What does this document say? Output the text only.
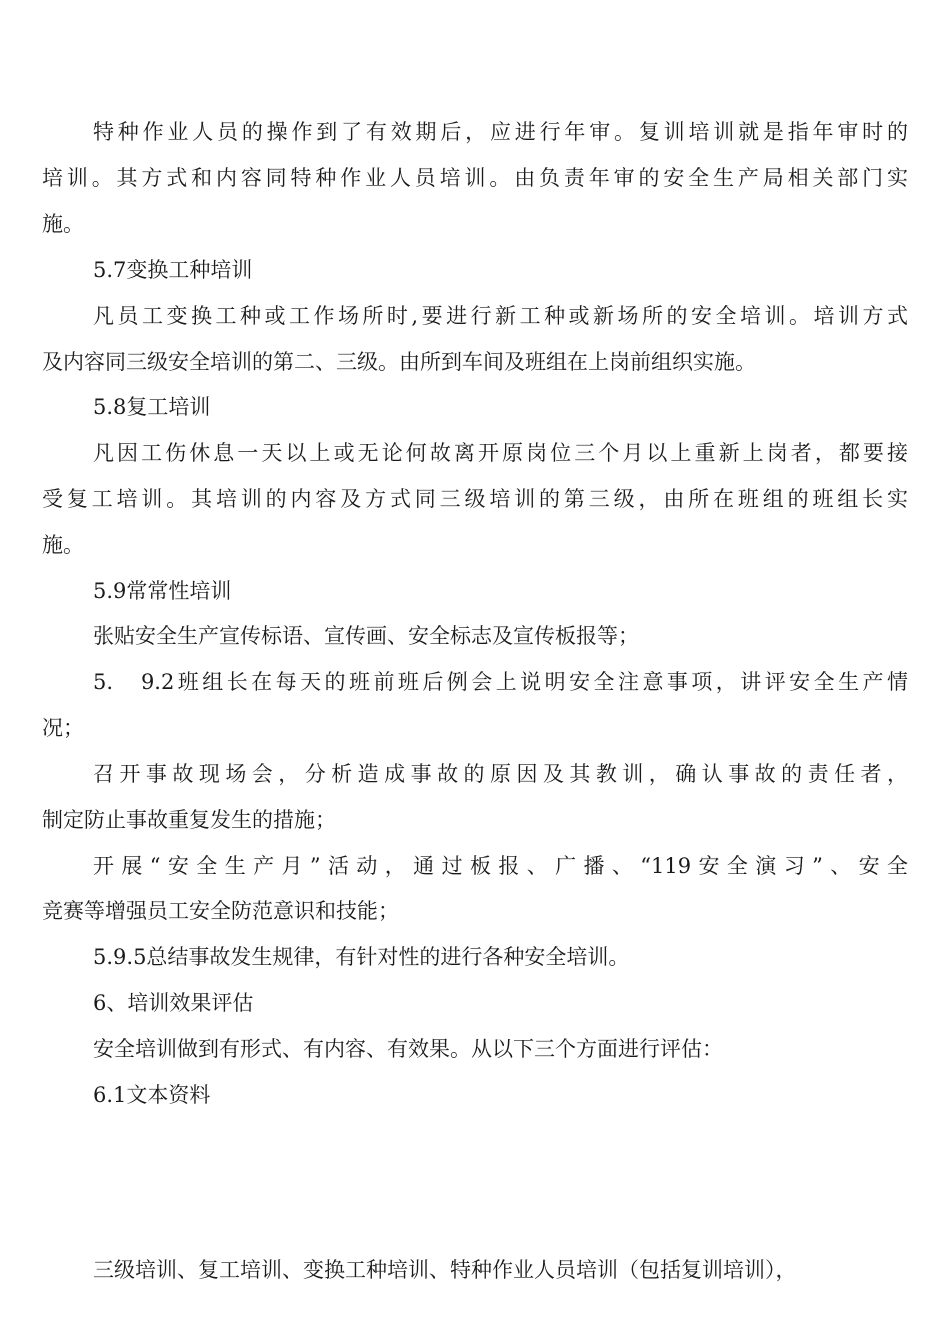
特种作业人员的操作到了有效期后，应进行年审。复训培训就是指年审时的
培训。其方式和内容同特种作业人员培训。由负责年审的安全生产局相关部门实
施。
5.7变换工种培训
凡员工变换工种或工作场所时,要进行新工种或新场所的安全培训。培训方式
及内容同三级安全培训的第二、三级。由所到车间及班组在上岗前组织实施。
5.8复工培训
凡因工伤休息一天以上或无论何故离开原岗位三个月以上重新上岗者，都要接
受复工培训。其培训的内容及方式同三级培训的第三级，由所在班组的班组长实
施。
5.9常常性培训
张贴安全生产宣传标语、宣传画、安全标志及宣传板报等；
5.　9.2班组长在每天的班前班后例会上说明安全注意事项，讲评安全生产情
况；
召开事故现场会，分析造成事故的原因及其教训，确认事故的责任者，
制定防止事故重复发生的措施；
开展“安全生产月”活动，通过板报、广播、“119安全演习”、安全
竞赛等增强员工安全防范意识和技能；
5.9.5总结事故发生规律，有针对性的进行各种安全培训。
6、培训效果评估
安全培训做到有形式、有内容、有效果。从以下三个方面进行评估：
6.1文本资料
三级培训、复工培训、变换工种培训、特种作业人员培训（包括复训培训），
